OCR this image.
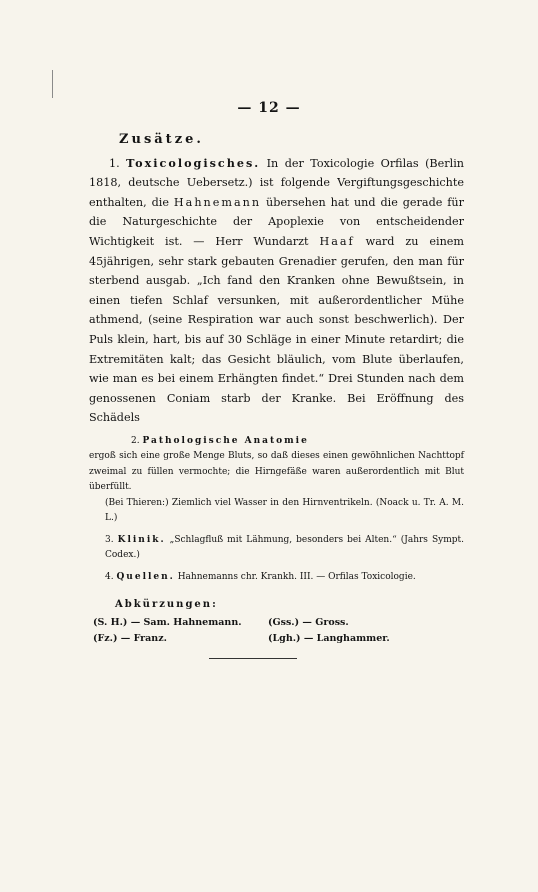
— 12 —
Zusätze.

1. Toxicologisches. In der Toxicologie Orfilas (Berlin 1818, deutsche Uebersetz.) ist folgende Vergiftungsgeschichte enthalten, die Hahnemann übersehen hat und die gerade für die Naturgeschichte der Apoplexie von entscheidender Wichtigkeit ist. — Herr Wundarzt Haaf ward zu einem 45jährigen, sehr stark gebauten Grenadier gerufen, den man für sterbend ausgab. „Ich fand den Kranken ohne Bewußtsein, in einen tiefen Schlaf versunken, mit außerordentlicher Mühe athmend, (seine Respiration war auch sonst beschwerlich). Der Puls klein, hart, bis auf 30 Schläge in einer Minute retardirt; die Extremitäten kalt; das Gesicht bläulich, vom Blute überlaufen, wie man es bei einem Erhängten findet.“ Drei Stunden nach dem genossenen Coniam starb der Kranke. Bei Eröffnung des Schädels

2. Pathologische Anatomie

ergoß sich eine große Menge Bluts, so daß dieses einen gewöhnlichen Nachttopf zweimal zu füllen vermochte; die Hirngefäße waren außerordentlich mit Blut überfüllt.

(Bei Thieren:) Ziemlich viel Wasser in den Hirnventrikeln. (Noack u. Tr. A. M. L.)

3. Klinik. „Schlagfluß mit Lähmung, besonders bei Alten.“ (Jahrs Sympt. Codex.)

4. Quellen. Hahnemanns chr. Krankh. III. — Orfilas Toxicologie.

Abkürzungen:
(S. H.) — Sam. Hahnemann.	(Gss.) — Gross.
(Fz.) — Franz.	(Lgh.) — Langhammer.
